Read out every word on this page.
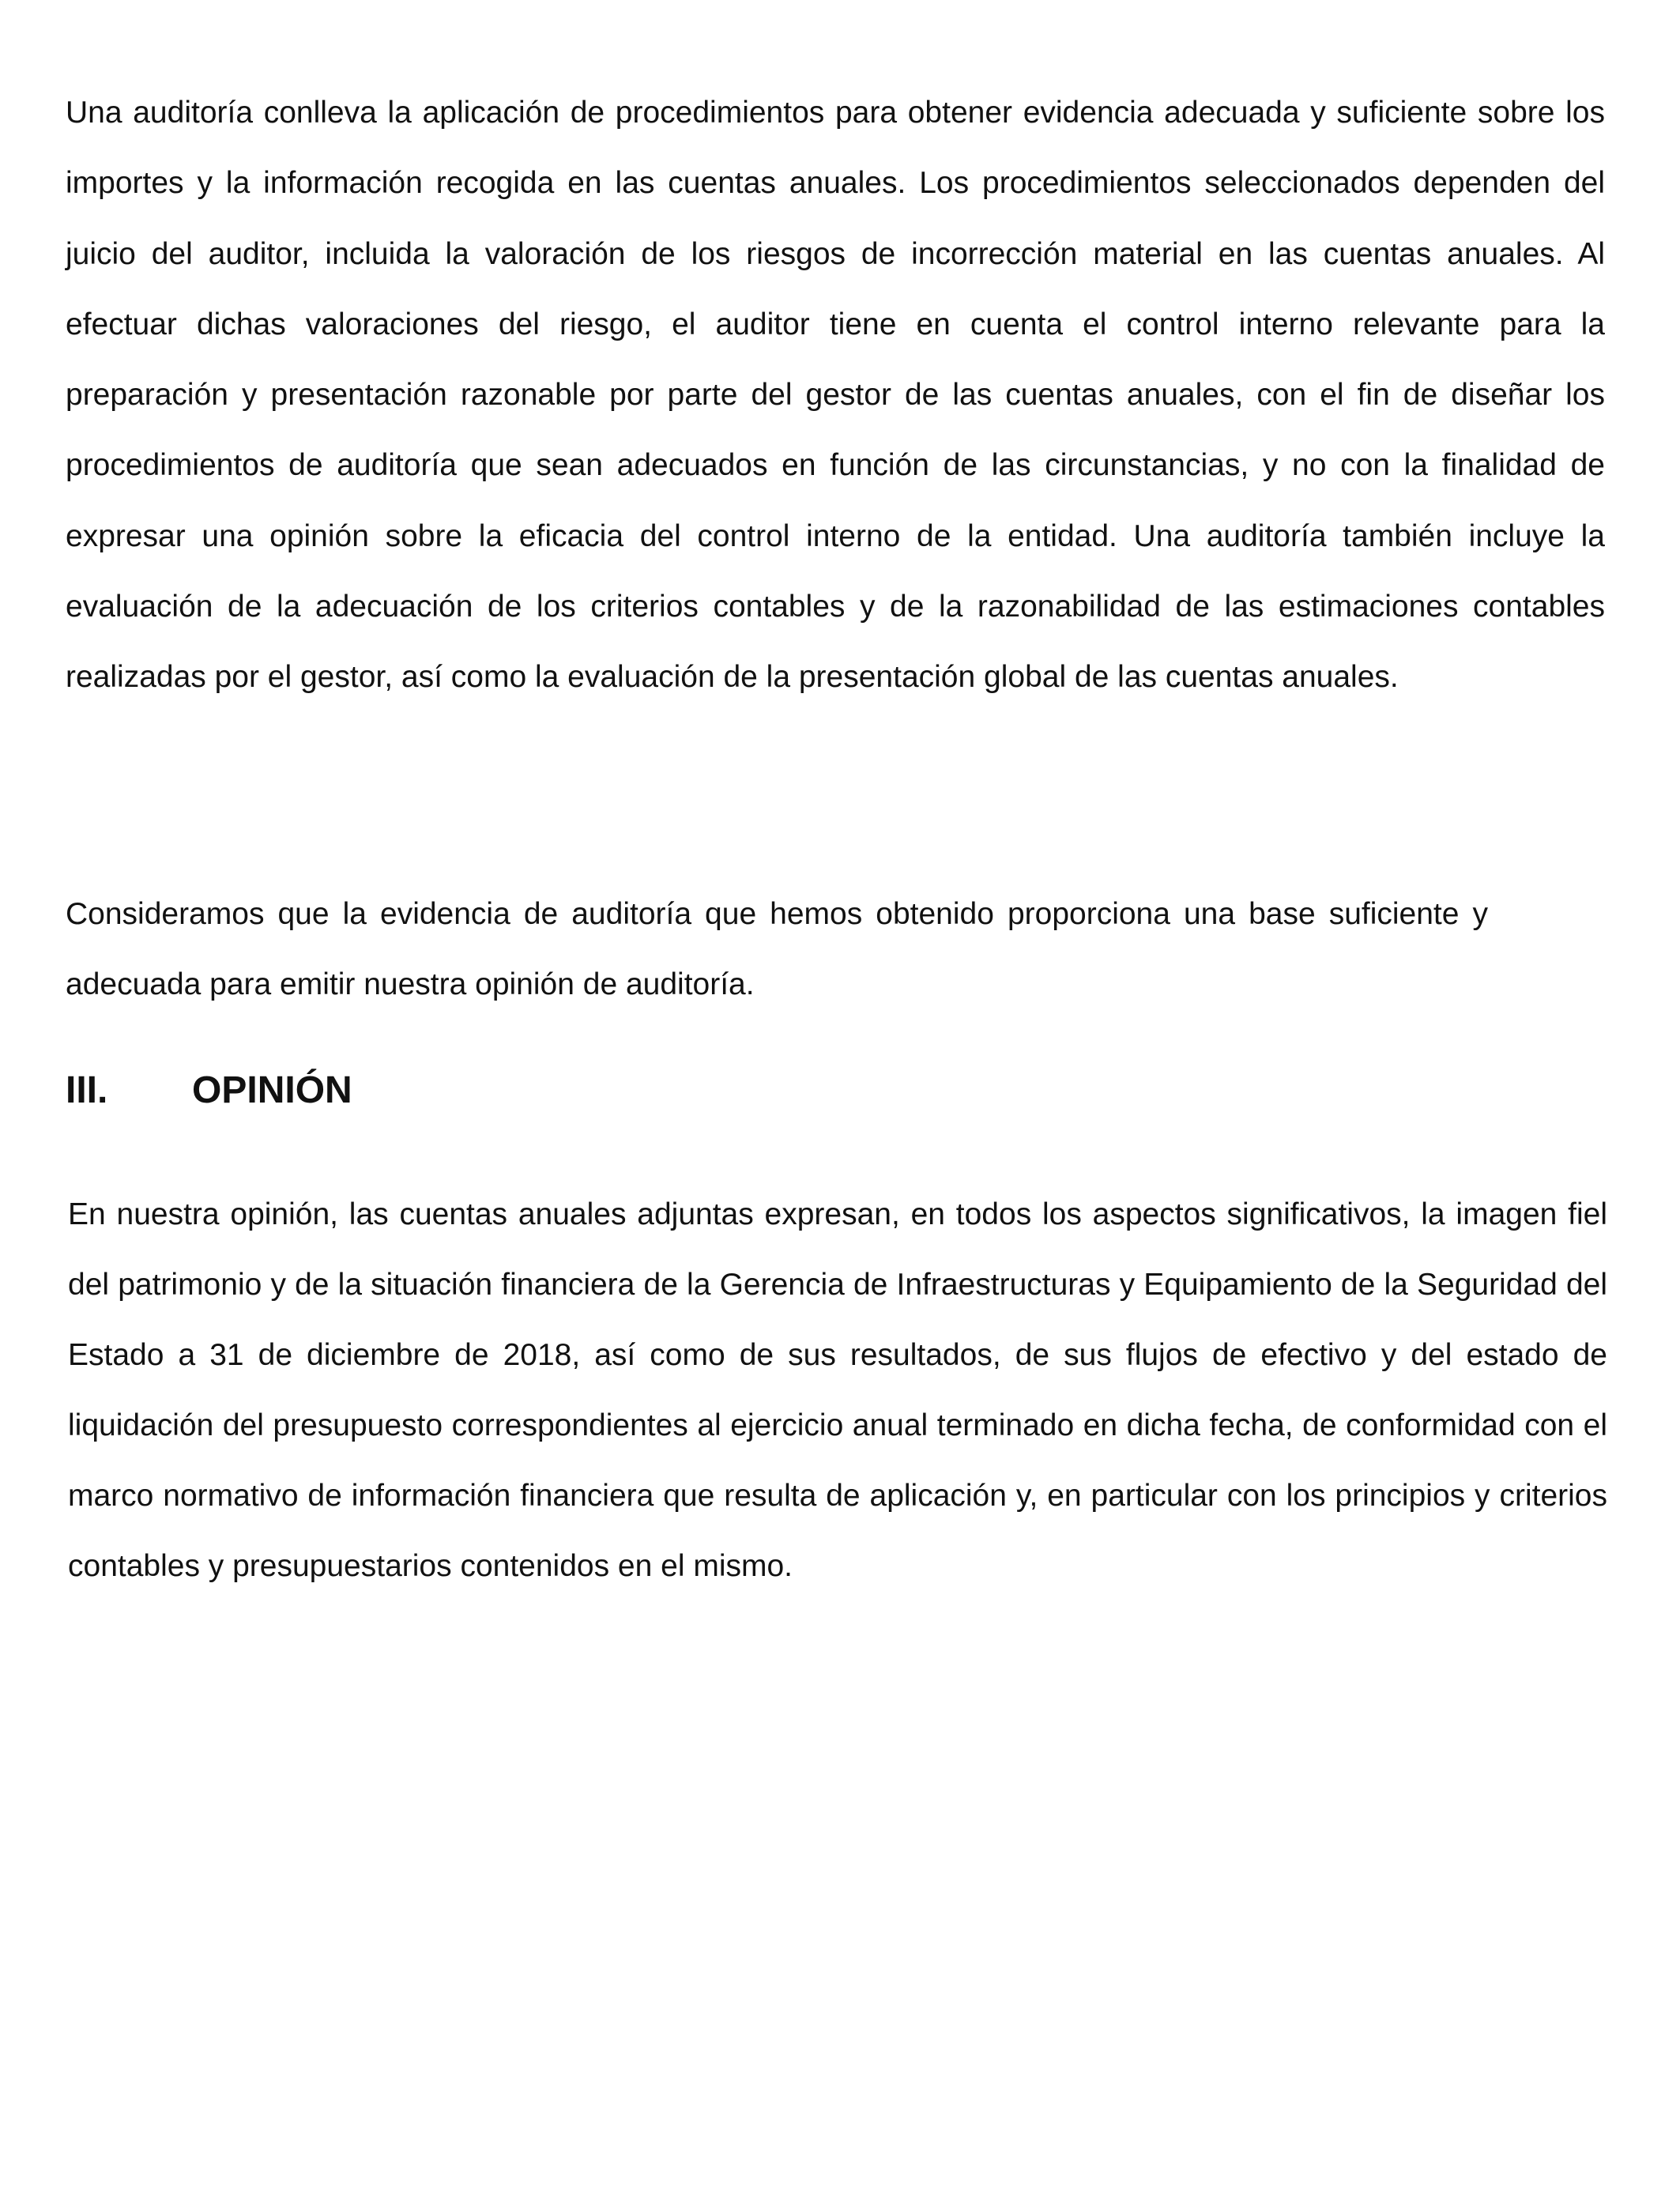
Una auditoría conlleva la aplicación de procedimientos para obtener evidencia adecuada y suficiente sobre los importes y la información recogida en las cuentas anuales. Los procedimientos seleccionados dependen del juicio del auditor, incluida la valoración de los riesgos de incorrección material en las cuentas anuales. Al efectuar dichas valoraciones del riesgo, el auditor tiene en cuenta el control interno relevante para la preparación y presentación razonable por parte del gestor de las cuentas anuales, con el fin de diseñar los procedimientos de auditoría que sean adecuados en función de las circunstancias, y no con la finalidad de expresar una opinión sobre la eficacia del control interno de la entidad. Una auditoría también incluye la evaluación de la adecuación de los criterios contables y de la razonabilidad de las estimaciones contables realizadas por el gestor, así como la evaluación de la presentación global de las cuentas anuales.

Consideramos que la evidencia de auditoría que hemos obtenido proporciona una base suficiente y adecuada para emitir nuestra opinión de auditoría.

III. OPINIÓN

En nuestra opinión, las cuentas anuales adjuntas expresan, en todos los aspectos significativos, la imagen fiel del patrimonio y de la situación financiera de la Gerencia de Infraestructuras y Equipamiento de la Seguridad del Estado a 31 de diciembre de 2018, así como de sus resultados, de sus flujos de efectivo y del estado de liquidación del presupuesto correspondientes al ejercicio anual terminado en dicha fecha, de conformidad con el marco normativo de información financiera que resulta de aplicación y, en particular con los principios y criterios contables y presupuestarios contenidos en el mismo.
